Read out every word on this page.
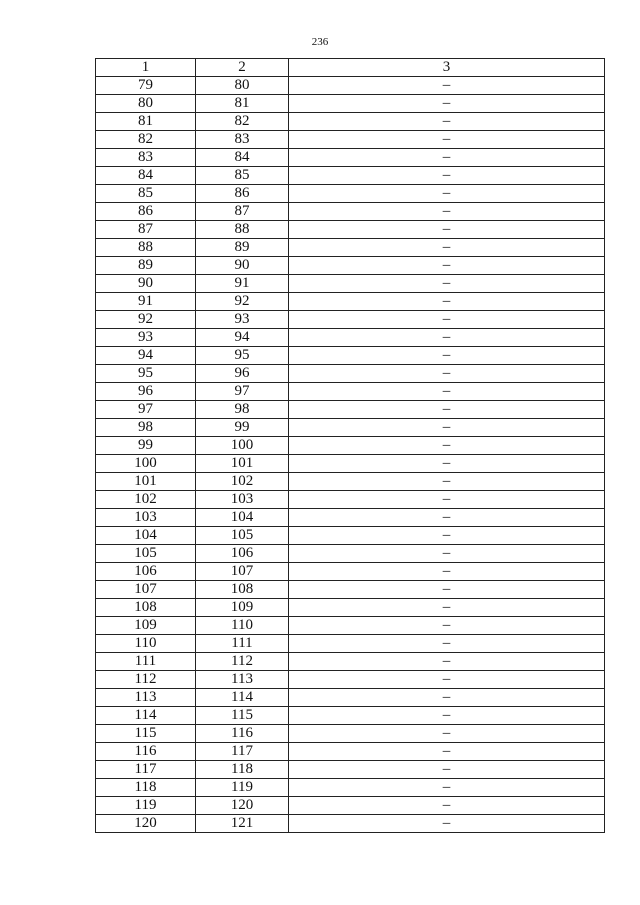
236
1	2	3
79	80	–
80	81	–
81	82	–
82	83	–
83	84	–
84	85	–
85	86	–
86	87	–
87	88	–
88	89	–
89	90	–
90	91	–
91	92	–
92	93	–
93	94	–
94	95	–
95	96	–
96	97	–
97	98	–
98	99	–
99	100	–
100	101	–
101	102	–
102	103	–
103	104	–
104	105	–
105	106	–
106	107	–
107	108	–
108	109	–
109	110	–
110	111	–
111	112	–
112	113	–
113	114	–
114	115	–
115	116	–
116	117	–
117	118	–
118	119	–
119	120	–
120	121	–
